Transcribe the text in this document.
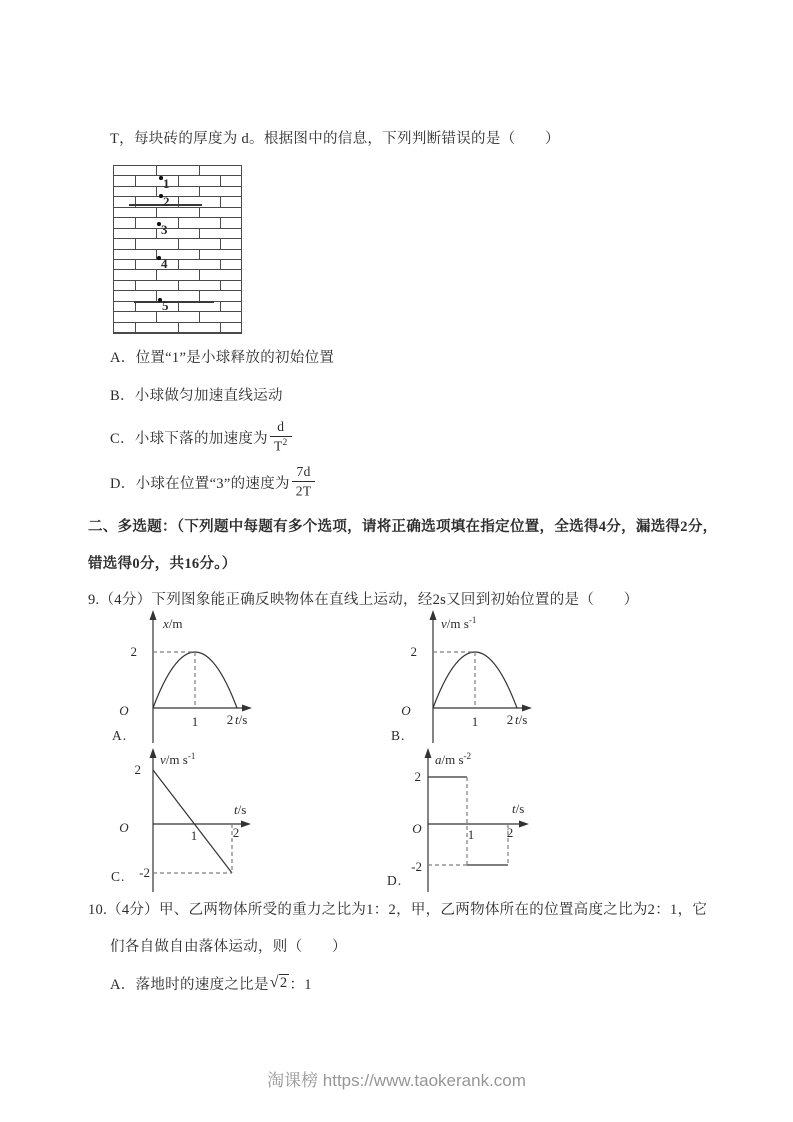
T，每块砖的厚度为 d。根据图中的信息，下列判断错误的是（　　）
1
2
3
4
5
A．位置“1”是小球释放的初始位置
B．小球做匀加速直线运动
C．小球下落的加速度为 $\frac{d}{T^2}$
D．小球在位置“3”的速度为 $\frac{7d}{2T}$
二、多选题：（下列题中每题有多个选项，请将正确选项填在指定位置，全选得4分，漏选得2分，
错选得0分，共16分。）
9.（4分）下列图象能正确反映物体在直线上运动，经2s又回到初始位置的是（　　）
2
O
1 2 t/s
x/m
2
O
1 2 t/s
v/m $s^{-1}$
A.	B.
2
-2
O
1	2
t/s
v/m $s^{-1}$
2
-2
O	1	2
t/s
a/m $s^{-2}$
C.	D.
10.（4分）甲、乙两物体所受的重力之比为1：2，甲，乙两物体所在的位置高度之比为2：1，它
们各自做自由落体运动，则（　　）
A．落地时的速度之比是 √ 2 ：1
淘课榜 https://www.taokerank.com
